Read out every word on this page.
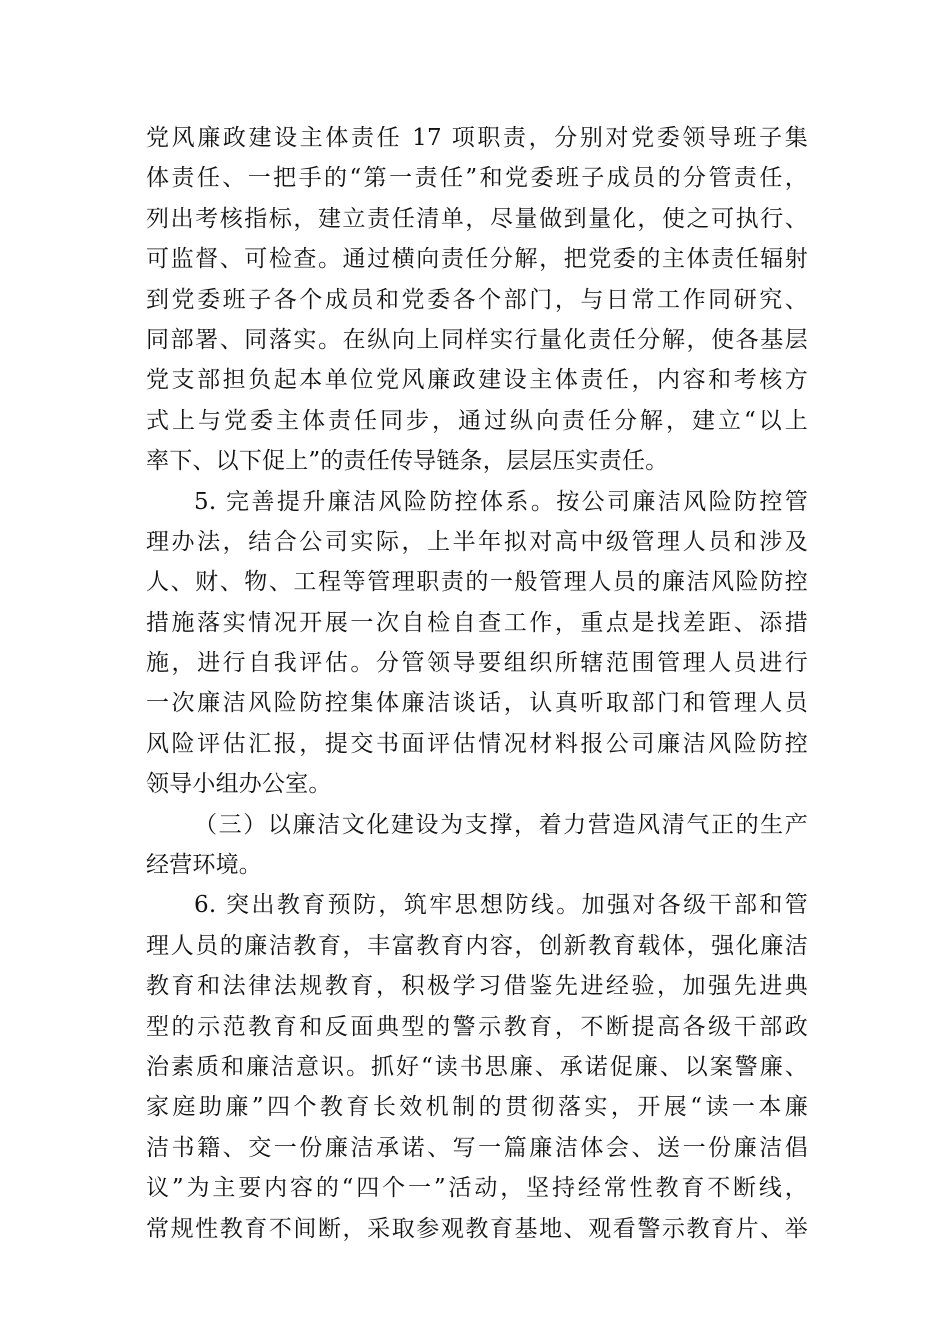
党风廉政建设主体责任 17 项职责，分别对党委领导班子集
体责任、一把手的“第一责任”和党委班子成员的分管责任，
列出考核指标，建立责任清单，尽量做到量化，使之可执行、
可监督、可检查。通过横向责任分解，把党委的主体责任辐射
到党委班子各个成员和党委各个部门，与日常工作同研究、
同部署、同落实。在纵向上同样实行量化责任分解，使各基层
党支部担负起本单位党风廉政建设主体责任，内容和考核方
式上与党委主体责任同步，通过纵向责任分解，建立“以上
率下、以下促上”的责任传导链条，层层压实责任。
5. 完善提升廉洁风险防控体系。按公司廉洁风险防控管
理办法，结合公司实际，上半年拟对高中级管理人员和涉及
人、财、物、工程等管理职责的一般管理人员的廉洁风险防控
措施落实情况开展一次自检自查工作，重点是找差距、添措
施，进行自我评估。分管领导要组织所辖范围管理人员进行
一次廉洁风险防控集体廉洁谈话，认真听取部门和管理人员
风险评估汇报，提交书面评估情况材料报公司廉洁风险防控
领导小组办公室。
（三）以廉洁文化建设为支撑，着力营造风清气正的生产
经营环境。
6. 突出教育预防，筑牢思想防线。加强对各级干部和管
理人员的廉洁教育，丰富教育内容，创新教育载体，强化廉洁
教育和法律法规教育，积极学习借鉴先进经验，加强先进典
型的示范教育和反面典型的警示教育，不断提高各级干部政
治素质和廉洁意识。抓好“读书思廉、承诺促廉、以案警廉、
家庭助廉”四个教育长效机制的贯彻落实，开展“读一本廉
洁书籍、交一份廉洁承诺、写一篇廉洁体会、送一份廉洁倡
议”为主要内容的“四个一”活动，坚持经常性教育不断线，
常规性教育不间断，采取参观教育基地、观看警示教育片、举
